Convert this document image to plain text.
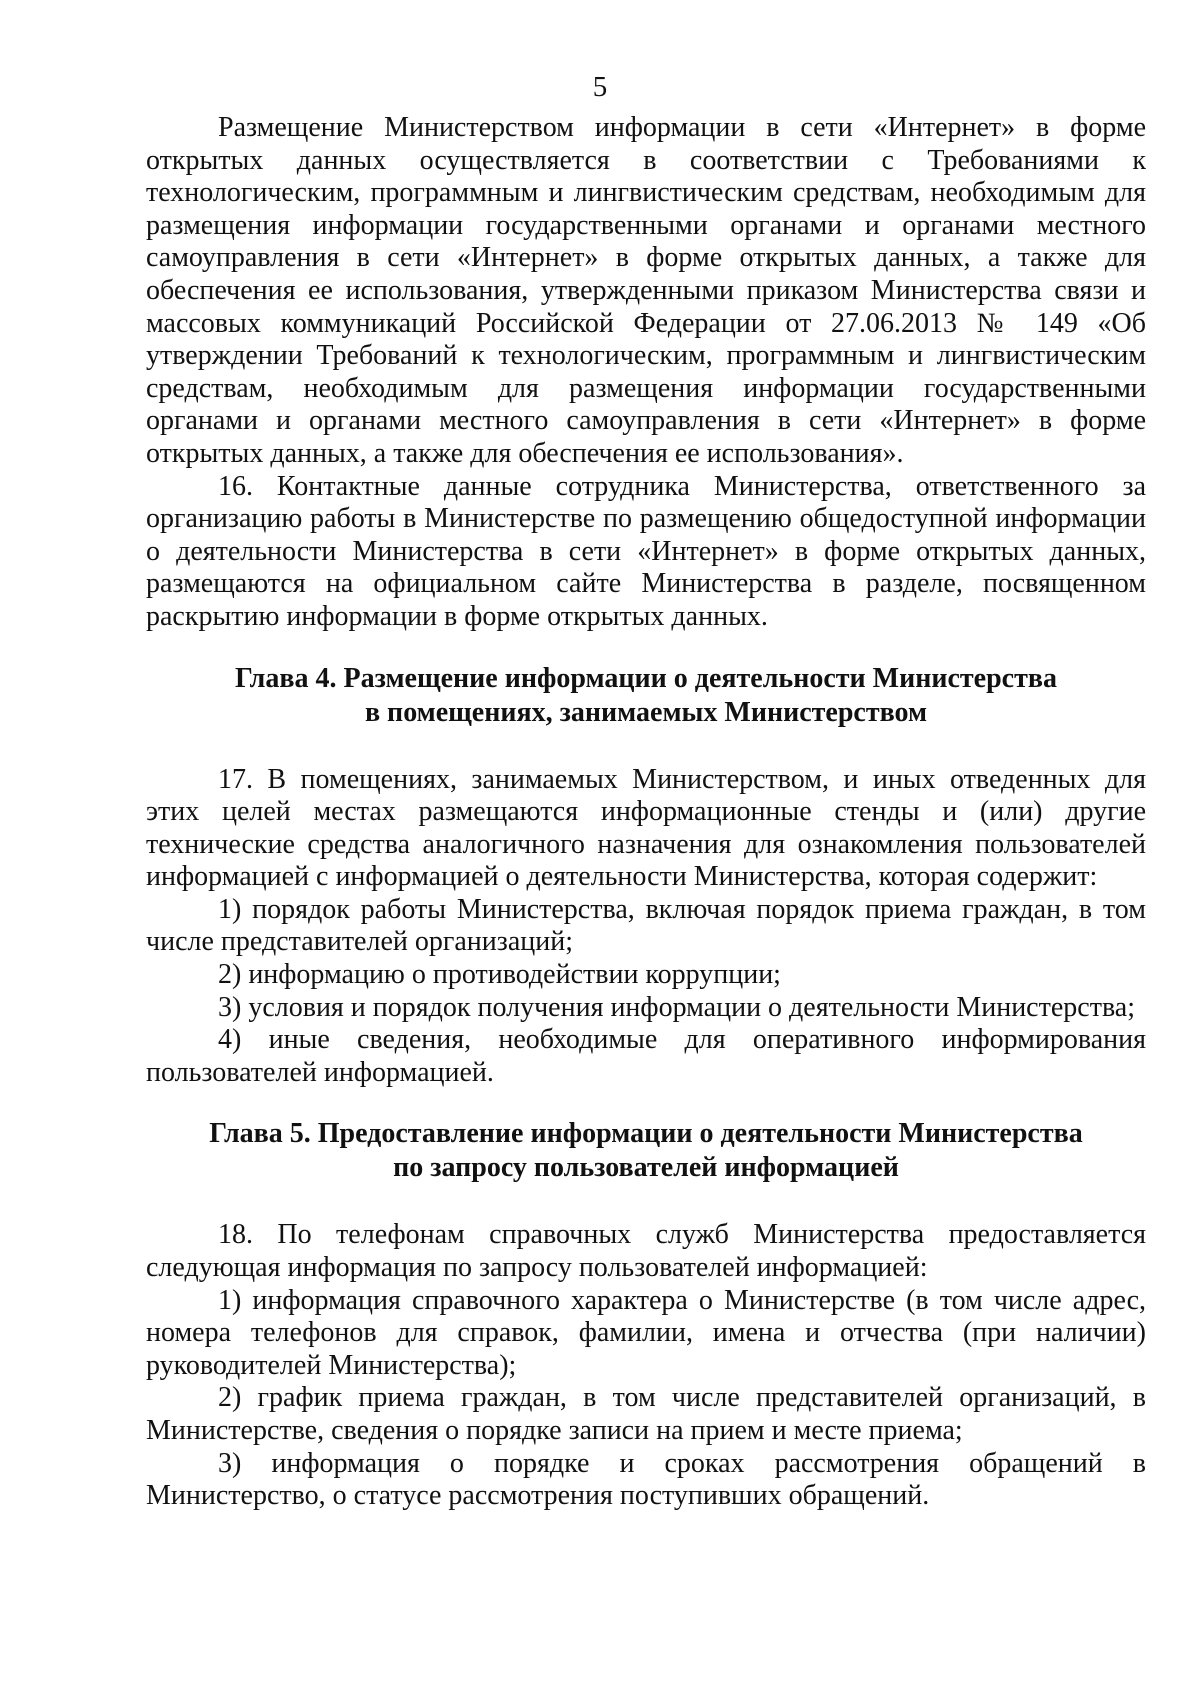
5

Размещение Министерством информации в сети «Интернет» в форме открытых данных осуществляется в соответствии с Требованиями к технологическим, программным и лингвистическим средствам, необходимым для размещения информации государственными органами и органами местного самоуправления в сети «Интернет» в форме открытых данных, а также для обеспечения ее использования, утвержденными приказом Министерства связи и массовых коммуникаций Российской Федерации от 27.06.2013 № 149 «Об утверждении Требований к технологическим, программным и лингвистическим средствам, необходимым для размещения информации государственными органами и органами местного самоуправления в сети «Интернет» в форме открытых данных, а также для обеспечения ее использования».

16. Контактные данные сотрудника Министерства, ответственного за организацию работы в Министерстве по размещению общедоступной информации о деятельности Министерства в сети «Интернет» в форме открытых данных, размещаются на официальном сайте Министерства в разделе, посвященном раскрытию информации в форме открытых данных.

Глава 4. Размещение информации о деятельности Министерства
в помещениях, занимаемых Министерством

17. В помещениях, занимаемых Министерством, и иных отведенных для этих целей местах размещаются информационные стенды и (или) другие технические средства аналогичного назначения для ознакомления пользователей информацией с информацией о деятельности Министерства, которая содержит:

1) порядок работы Министерства, включая порядок приема граждан, в том числе представителей организаций;

2) информацию о противодействии коррупции;

3) условия и порядок получения информации о деятельности Министерства;

4) иные сведения, необходимые для оперативного информирования пользователей информацией.

Глава 5. Предоставление информации о деятельности Министерства
по запросу пользователей информацией

18. По телефонам справочных служб Министерства предоставляется следующая информация по запросу пользователей информацией:

1) информация справочного характера о Министерстве (в том числе адрес, номера телефонов для справок, фамилии, имена и отчества (при наличии) руководителей Министерства);

2) график приема граждан, в том числе представителей организаций, в Министерстве, сведения о порядке записи на прием и месте приема;

3) информация о порядке и сроках рассмотрения обращений в Министерство, о статусе рассмотрения поступивших обращений.
